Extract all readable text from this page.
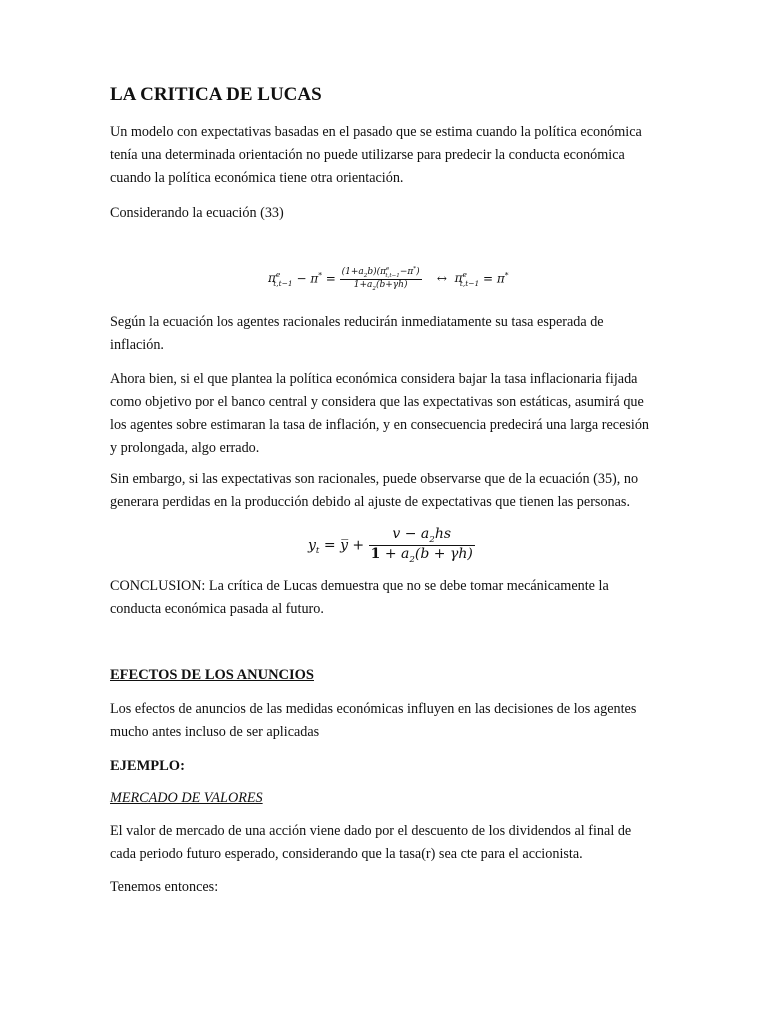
LA CRITICA DE LUCAS
Un modelo con expectativas basadas en el pasado que se estima cuando la política económica tenía una determinada orientación no puede utilizarse para predecir la conducta económica cuando la política económica tiene otra orientación.
Considerando la ecuación (33)
$\pi^e_{t,t-1} - \pi^* = \frac{(1+a_2b)(\pi^e_{t,t-1}-\pi^*)}{1+a_2(b+\gamma h)}$ ↔  $\pi^e_{t,t-1} = \pi^*$
Según la ecuación los agentes racionales reducirán inmediatamente su tasa esperada de inflación.
Ahora bien, si el que plantea la política económica considera bajar la tasa inflacionaria fijada como objetivo por el banco central y considera que las expectativas son estáticas, asumirá que los agentes sobre estimaran la tasa de inflación, y en consecuencia predecirá una larga recesión y prolongada, algo errado.
Sin embargo, si las expectativas son racionales, puede observarse que de la ecuación (35), no generara perdidas en la producción debido al ajuste de expectativas que tienen las personas.
$y_t$ = y̅ + $\frac{v - a_2hs}{1 + a_2(b + \gamma h)}$
CONCLUSION: La crítica de Lucas demuestra que no se debe tomar mecánicamente la conducta económica pasada al futuro.
EFECTOS DE LOS ANUNCIOS
Los efectos de anuncios de las medidas económicas influyen en las decisiones de los agentes mucho antes incluso de ser aplicadas
EJEMPLO:
MERCADO DE VALORES
El valor de mercado de una acción viene dado por el descuento de los dividendos al final de cada periodo futuro esperado, considerando que la tasa(r) sea cte para el accionista.
Tenemos entonces:
